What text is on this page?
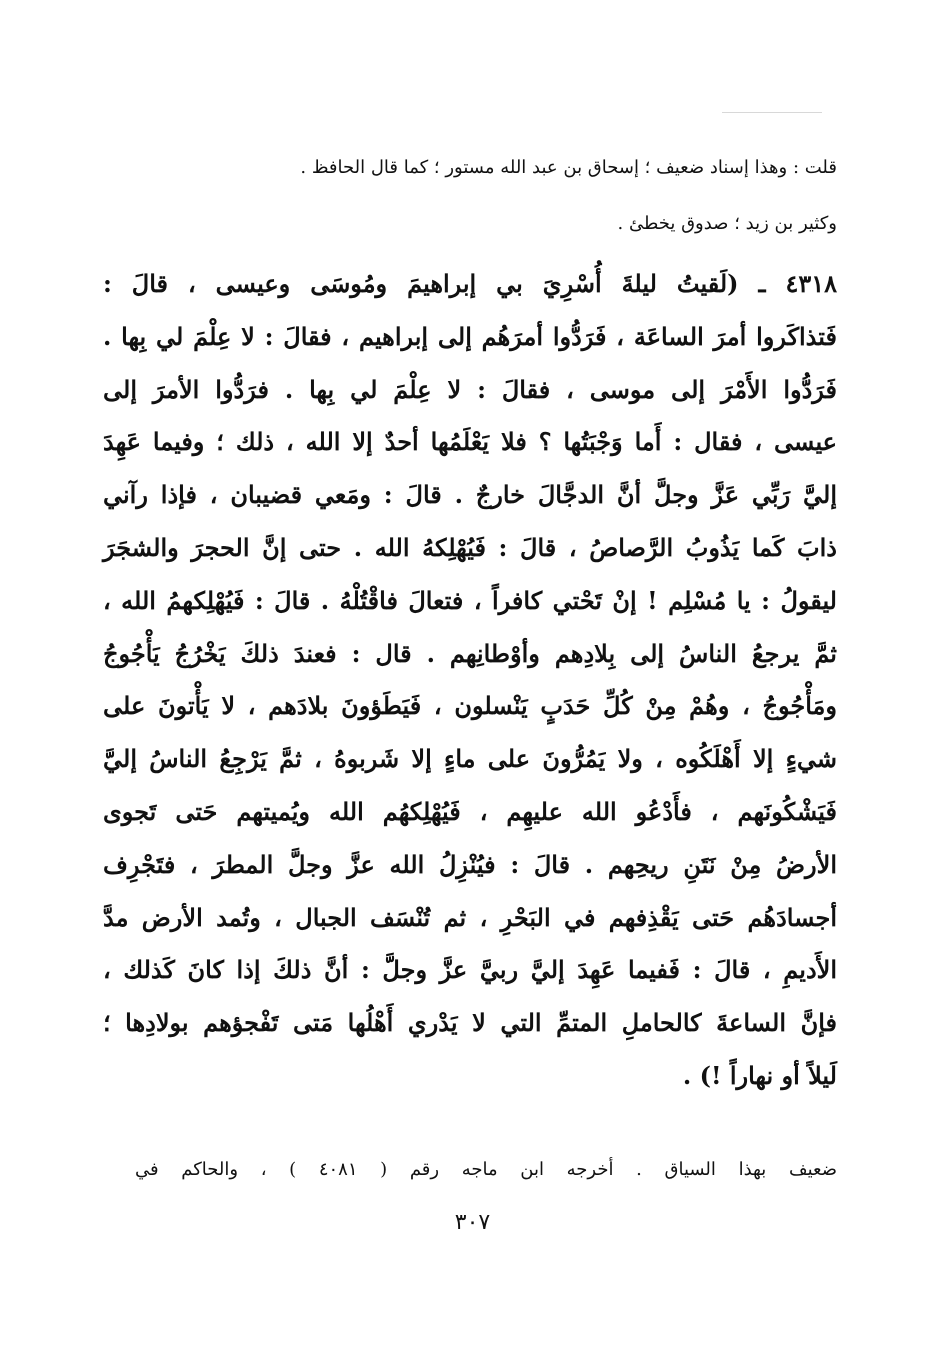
قلت : وهذا إسناد ضعيف ؛ إسحاق بن عبد الله مستور ؛ كما قال الحافظ .
وكثير بن زيد ؛ صدوق يخطئ .
٤٣١٨ ـ (لَقيتُ ليلةَ أُسْرِيَ بي إبراهيمَ ومُوسَى وعيسى ، قالَ :
فَتذاكَروا أمرَ الساعَة ، فَرَدُّوا أمرَهُم إلى إبراهيم ، فقالَ : لا عِلْمَ لي بِها .
فَرَدُّوا الأَمْرَ إلى موسى ، فقالَ : لا عِلْمَ لي بِها . فرَدُّوا الأمرَ إلى
عيسى ، فقال : أَما وَجْبَتُها ؟ فلا يَعْلَمُها أحدٌ إلا الله ، ذلك ؛ وفيما عَهِدَ
إليَّ رَبِّي عَزَّ وجلَّ أنَّ الدجَّالَ خارجٌ . قالَ : ومَعي قضيبان ، فإذا رآني
ذابَ كَما يَذُوبُ الرَّصاصُ ، قالَ : فَيُهْلِكهُ الله . حتى إنَّ الحجرَ والشجَرَ
ليقولُ : يا مُسْلِم ! إنْ تَحْتي كافراً ، فتعالَ فاقْتُلْهُ . قالَ : فَيُهْلِكهمُ الله ،
ثمَّ يرجعُ الناسُ إلى بِلادِهم وأوْطانِهم . قال : فعندَ ذلكَ يَخْرُجُ يَأْجُوجُ
ومَأْجُوجُ ، وهُمْ مِنْ كُلِّ حَدَبٍ يَنْسلون ، فَيَطَؤونَ بلادَهم ، لا يَأْتونَ على
شيءٍ إلا أَهْلَكُوه ، ولا يَمُرُّونَ على ماءٍ إلا شَربوهُ ، ثمَّ يَرْجِعُ الناسُ إليَّ
فَيَشْكُونَهم ، فأَدْعُو الله عليهِم ، فَيُهْلِكهُم الله ويُميتهم حَتى تَجوى
الأرضُ مِنْ نَتَنِ ريحِهم . قالَ : فيُنْزِلُ الله عزَّ وجلَّ المطرَ ، فتَجْرِف
أجسادَهُم حَتى يَقْذِفهم في البَحْرِ ، ثم تُنْسَف الجبال ، وتُمد الأرض مدَّ
الأَديمِ ، قالَ : فَفيما عَهِدَ إليَّ ربيَّ عزَّ وجلَّ : أنَّ ذلكَ إذا كانَ كَذلك ،
فإنَّ الساعةَ كالحاملِ المتمِّ التي لا يَدْري أَهْلُها مَتى تَفْجؤهم بولادِها ؛
لَيلاً أو نهاراً !) .
ضعيف بهذا السياق . أخرجه ابن ماجه رقم ( ٤٠٨١ ) ، والحاكم في
٣٠٧
